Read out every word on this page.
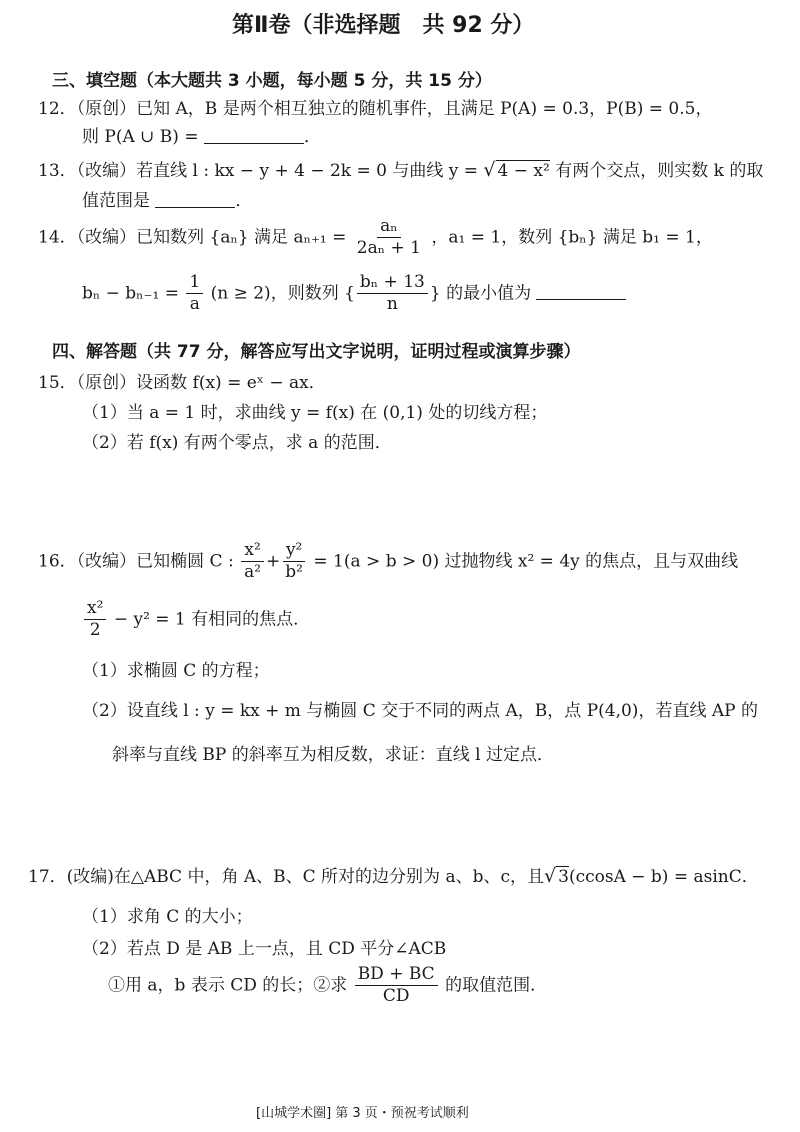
第Ⅱ卷（非选择题　共 92 分）
三、填空题（本大题共 3 小题，每小题 5 分，共 15 分）
12．（原创）已知 A，B 是两个相互独立的随机事件，且满足 P(A) = 0.3，P(B) = 0.5，
则 P(A ∪ B) =	．
13．（改编）若直线 l : kx − y + 4 − 2k = 0 与曲线 y = √ 4 − x² 有两个交点，则实数 k 的取
值范围是	．
14．（改编）已知数列 {aₙ} 满足 $a_{n+1} = \frac{\text{aₙ}}{\text{2aₙ + 1}}$ ，a₁ = 1，数列 {bₙ} 满足 b₁ = 1，
$b_n - b_{n-1} = \frac{1}{a} (n \ge 2)$，则数列 { $\frac{\text{bₙ + 13}}{n}$ } 的最小值为
四、解答题（共 77 分，解答应写出文字说明，证明过程或演算步骤）
15．（原创）设函数 f(x) = eˣ − ax．
（1）当 a = 1 时，求曲线 y = f(x) 在 (0,1) 处的切线方程；
（2）若 f(x) 有两个零点，求 a 的范围．
16．（改编）已知椭圆 C : $\frac{\text{x²}}{\text{a²}} + \frac{\text{y²}}{\text{b²}} = 1(a > b > 0)$ 过抛物线 x² = 4y 的焦点，且与双曲线
$\frac{\text{x²}}{2} - y^2 = 1$ 有相同的焦点．
（1）求椭圆 C 的方程；
（2）设直线 l : y = kx + m 与椭圆 C 交于不同的两点 A，B，点 P(4,0)，若直线 AP 的
斜率与直线 BP 的斜率互为相反数，求证：直线 l 过定点．
17．(改编)在△ABC 中，角 A、B、C 所对的边分别为 a、b、c，且√ 3(ccosA − b) = asinC．
（1）求角 C 的大小；
（2）若点 D 是 AB 上一点，且 CD 平分∠ACB
①用 a，b 表示 CD 的长；②求 $\frac{BD + BC}{CD}$ 的取值范围．
[山城学术圈] 第 3 页・预祝考试顺利
